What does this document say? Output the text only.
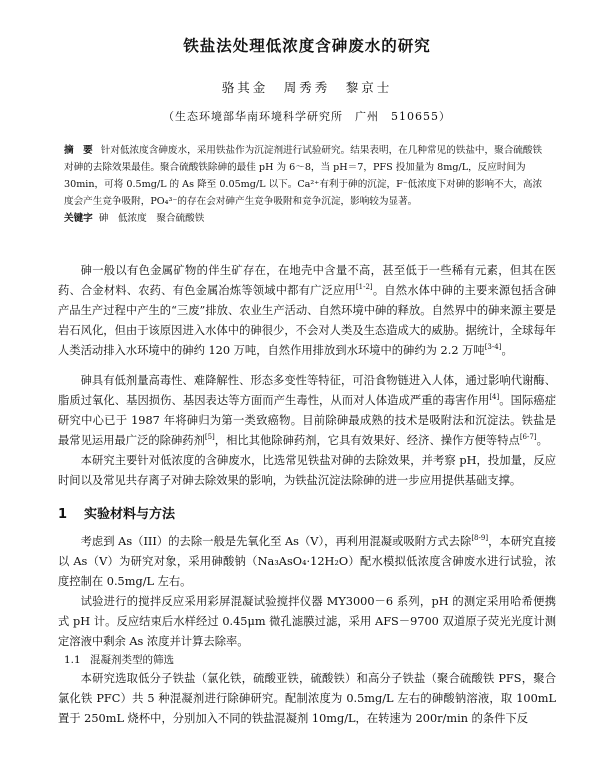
铁盐法处理低浓度含砷废水的研究
骆其金　周秀秀　黎京士
（生态环境部华南环境科学研究所　广州　510655）
摘　要 针对低浓度含砷废水，采用铁盐作为沉淀剂进行试验研究。结果表明，在几种常见的铁盐中，聚合硫酸铁对砷的去除效果最佳。聚合硫酸铁除砷的最佳 pH 为 6～8，当 pH＝7，PFS 投加量为 8mg/L，反应时间为 30min，可将 0.5mg/L 的 As 降至 0.05mg/L 以下。Ca²⁺有利于砷的沉淀，F⁻低浓度下对砷的影响不大，高浓度会产生竞争吸附，PO₄³⁻的存在会对砷产生竞争吸附和竞争沉淀，影响较为显著。
关键字 砷　低浓度　聚合硫酸铁

砷一般以有色金属矿物的伴生矿存在，在地壳中含量不高，甚至低于一些稀有元素，但其在医药、合金材料、农药、有色金属冶炼等领域中都有广泛应用[1-2]。自然水体中砷的主要来源包括含砷产品生产过程中产生的“三废”排放、农业生产活动、自然环境中砷的释放。自然界中的砷来源主要是岩石风化，但由于该原因进入水体中的砷很少，不会对人类及生态造成大的威胁。据统计，全球每年人类活动排入水环境中的砷约 120 万吨，自然作用排放到水环境中的砷约为 2.2 万吨[3-4]。

砷具有低剂量高毒性、难降解性、形态多变性等特征，可沿食物链进入人体，通过影响代谢酶、脂质过氧化、基因损伤、基因表达等方面而产生毒性，从而对人体造成严重的毒害作用[4]。国际癌症研究中心已于 1987 年将砷归为第一类致癌物。目前除砷最成熟的技术是吸附法和沉淀法。铁盐是最常见运用最广泛的除砷药剂[5]，相比其他除砷药剂，它具有效果好、经济、操作方便等特点[6-7]。

本研究主要针对低浓度的含砷废水，比选常见铁盐对砷的去除效果，并考察 pH，投加量，反应时间以及常见共存离子对砷去除效果的影响，为铁盐沉淀法除砷的进一步应用提供基础支撑。

1 实验材料与方法

考虑到 As（III）的去除一般是先氧化至 As（V），再利用混凝或吸附方式去除[8-9]，本研究直接以 As（V）为研究对象，采用砷酸钠（Na₃AsO₄·12H₂O）配水模拟低浓度含砷废水进行试验，浓度控制在 0.5mg/L 左右。

试验进行的搅拌反应采用彩屏混凝试验搅拌仪器 MY3000－6 系列，pH 的测定采用哈希便携式 pH 计。反应结束后水样经过 0.45μm 微孔滤膜过滤，采用 AFS－9700 双道原子荧光光度计测定溶液中剩余 As 浓度并计算去除率。

1.1 混凝剂类型的筛选

本研究选取低分子铁盐（氯化铁，硫酸亚铁，硫酸铁）和高分子铁盐（聚合硫酸铁 PFS，聚合氯化铁 PFC）共 5 种混凝剂进行除砷研究。配制浓度为 0.5mg/L 左右的砷酸钠溶液，取 100mL 置于 250mL 烧杯中，分别加入不同的铁盐混凝剂 10mg/L，在转速为 200r/min 的条件下反
